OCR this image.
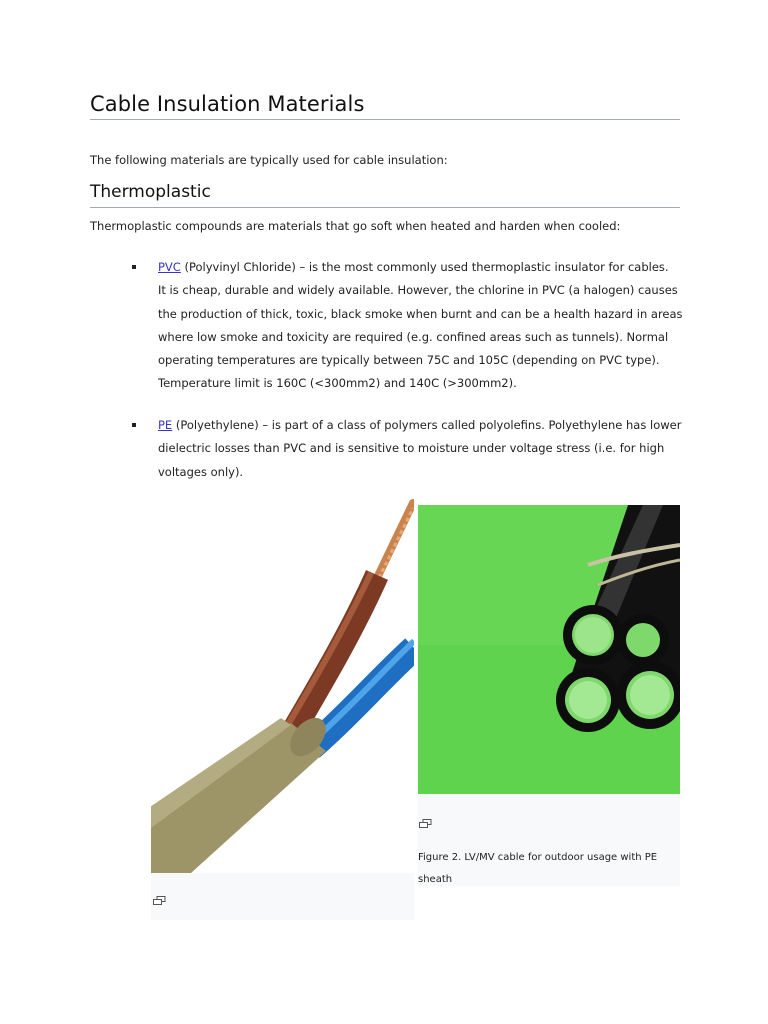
Cable Insulation Materials
The following materials are typically used for cable insulation:
Thermoplastic
Thermoplastic compounds are materials that go soft when heated and harden when cooled:
PVC (Polyvinyl Chloride) – is the most commonly used thermoplastic insulator for cables.
It is cheap, durable and widely available. However, the chlorine in PVC (a halogen) causes
the production of thick, toxic, black smoke when burnt and can be a health hazard in areas
where low smoke and toxicity are required (e.g. confined areas such as tunnels). Normal
operating temperatures are typically between 75C and 105C (depending on PVC type).
Temperature limit is 160C (<300mm2) and 140C (>300mm2).
PE (Polyethylene) – is part of a class of polymers called polyolefins. Polyethylene has lower
dielectric losses than PVC and is sensitive to moisture under voltage stress (i.e. for high
voltages only).
Figure 2. LV/MV cable for outdoor usage with PE
sheath
